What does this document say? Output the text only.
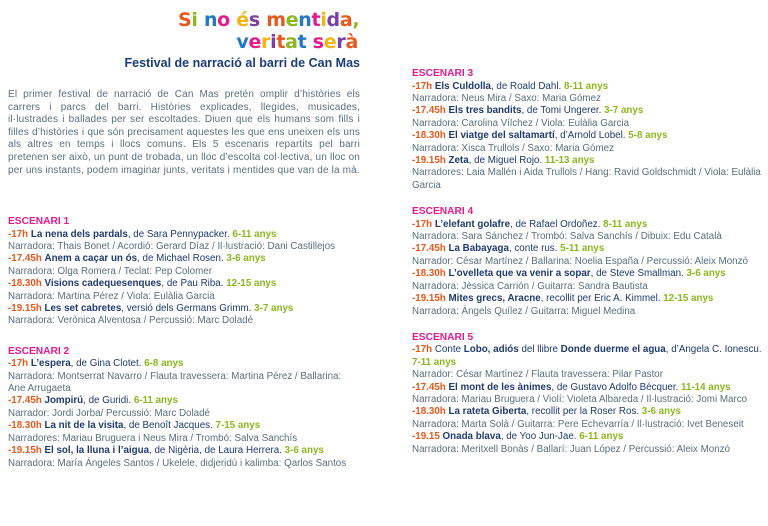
Si no és mentida,
veritat serà
Festival de narració al barri de Can Mas
El primer festival de narració de Can Mas pretén omplir d’històries els carrers i parcs del barri. Històries explicades, llegides, musicades, il·lustrades i ballades per ser escoltades. Diuen que els humans som fills i filles d’històries i que són precisament aquestes les que ens uneixen els uns als altres en temps i llocs comuns. Els 5 escenaris repartits pel barri pretenen ser això, un punt de trobada, un lloc d’escolta col·lectiva, un lloc on per uns instants, podem imaginar junts, veritats i mentides que van de la mà.
ESCENARI 1
-17h La nena dels pardals, de Sara Pennypacker. 6-11 anys
Narradora: Thais Bonet / Acordió: Gerard Díaz / Il·lustració: Dani Castillejos
-17.45h Anem a caçar un ós, de Michael Rosen. 3-6 anys
Narradora: Olga Romera / Teclat: Pep Colomer
-18.30h Visions cadequesenques, de Pau Riba. 12-15 anys
Narradora: Martina Pérez / Viola: Eulàlia Garcia
-19.15h Les set cabretes, versió dels Germans Grimm. 3-7 anys
Narradora: Verònica Alventosa / Percussió: Marc Doladé
ESCENARI 2
-17h L’espera, de Gina Clotet. 6-8 anys
Narradora: Montserrat Navarro / Flauta travessera: Martina Pérez / Ballarina: Ane Arrugaeta
-17.45h Jompirú, de Guridi. 6-11 anys
Narrador: Jordi Jorba/ Percussió: Marc Doladé
-18.30h La nit de la visita, de Benoît Jacques. 7-15 anys
Narradores: Mariau Bruguera i Neus Mira / Trombó: Salva Sanchís
-19.15h El sol, la lluna i l’aigua, de Nigèria, de Laura Herrera. 3-6 anys
Narradora: María Ángeles Santos / Ukelele, didjeridú i kalimba: Qarlos Santos
ESCENARI 3
-17h Els Culdolla, de Roald Dahl. 8-11 anys
Narradora: Neus Mira / Saxo: Maria Gómez
-17.45h Els tres bandits, de Tomi Ungerer. 3-7 anys
Narradora: Carolina Vílchez / Viola: Eulàlia Garcia
-18.30h El viatge del saltamartí, d’Arnold Lobel. 5-8 anys
Narradora: Xisca Trullols / Saxo: Maria Gómez
-19.15h Zeta, de Miguel Rojo. 11-13 anys
Narradores: Laia Mallén i Aida Trullols / Hang: Ravid Goldschmidt / Viola: Eulàlia Garcia
ESCENARI 4
-17h L’elefant golafre, de Rafael Ordoñez. 8-11 anys
Narradora: Sara Sánchez / Trombó: Salva Sanchís / Dibuix: Edu Català
-17.45h La Babayaga, conte rus. 5-11 anys
Narrador: César Martínez / Ballarina: Noelia España / Percussió: Aleix Monzó
-18.30h L’ovelleta que va venir a sopar, de Steve Smallman. 3-6 anys
Narradora: Jèssica Carrión / Guitarra: Sandra Bautista
-19.15h Mites grecs, Aracne, recollit per Eric A. Kimmel. 12-15 anys
Narradora: Àngels Quílez / Guitarra: Miguel Medina
ESCENARI 5
-17h Conte Lobo, adiós del llibre Donde duerme el agua, d’Angela C. Ionescu. 7-11 anys
Narrador: César Martínez / Flauta travessera: Pilar Pastor
-17.45h El mont de les ànimes, de Gustavo Adolfo Bécquer. 11-14 anys
Narradora: Mariau Bruguera / Violí: Violeta Albareda / Il·lustració: Jomi Marco
-18.30h La rateta Giberta, recollit per la Roser Ros. 3-6 anys
Narradora: Marta Solà / Guitarra: Pere Echevarría / Il·lustració: Ivet Beneseit
-19.15 Onada blava, de Yoo Jun-Jae. 6-11 anys
Narradora: Meritxell Bonàs / Ballarí: Juan López / Percussió: Aleix Monzó
